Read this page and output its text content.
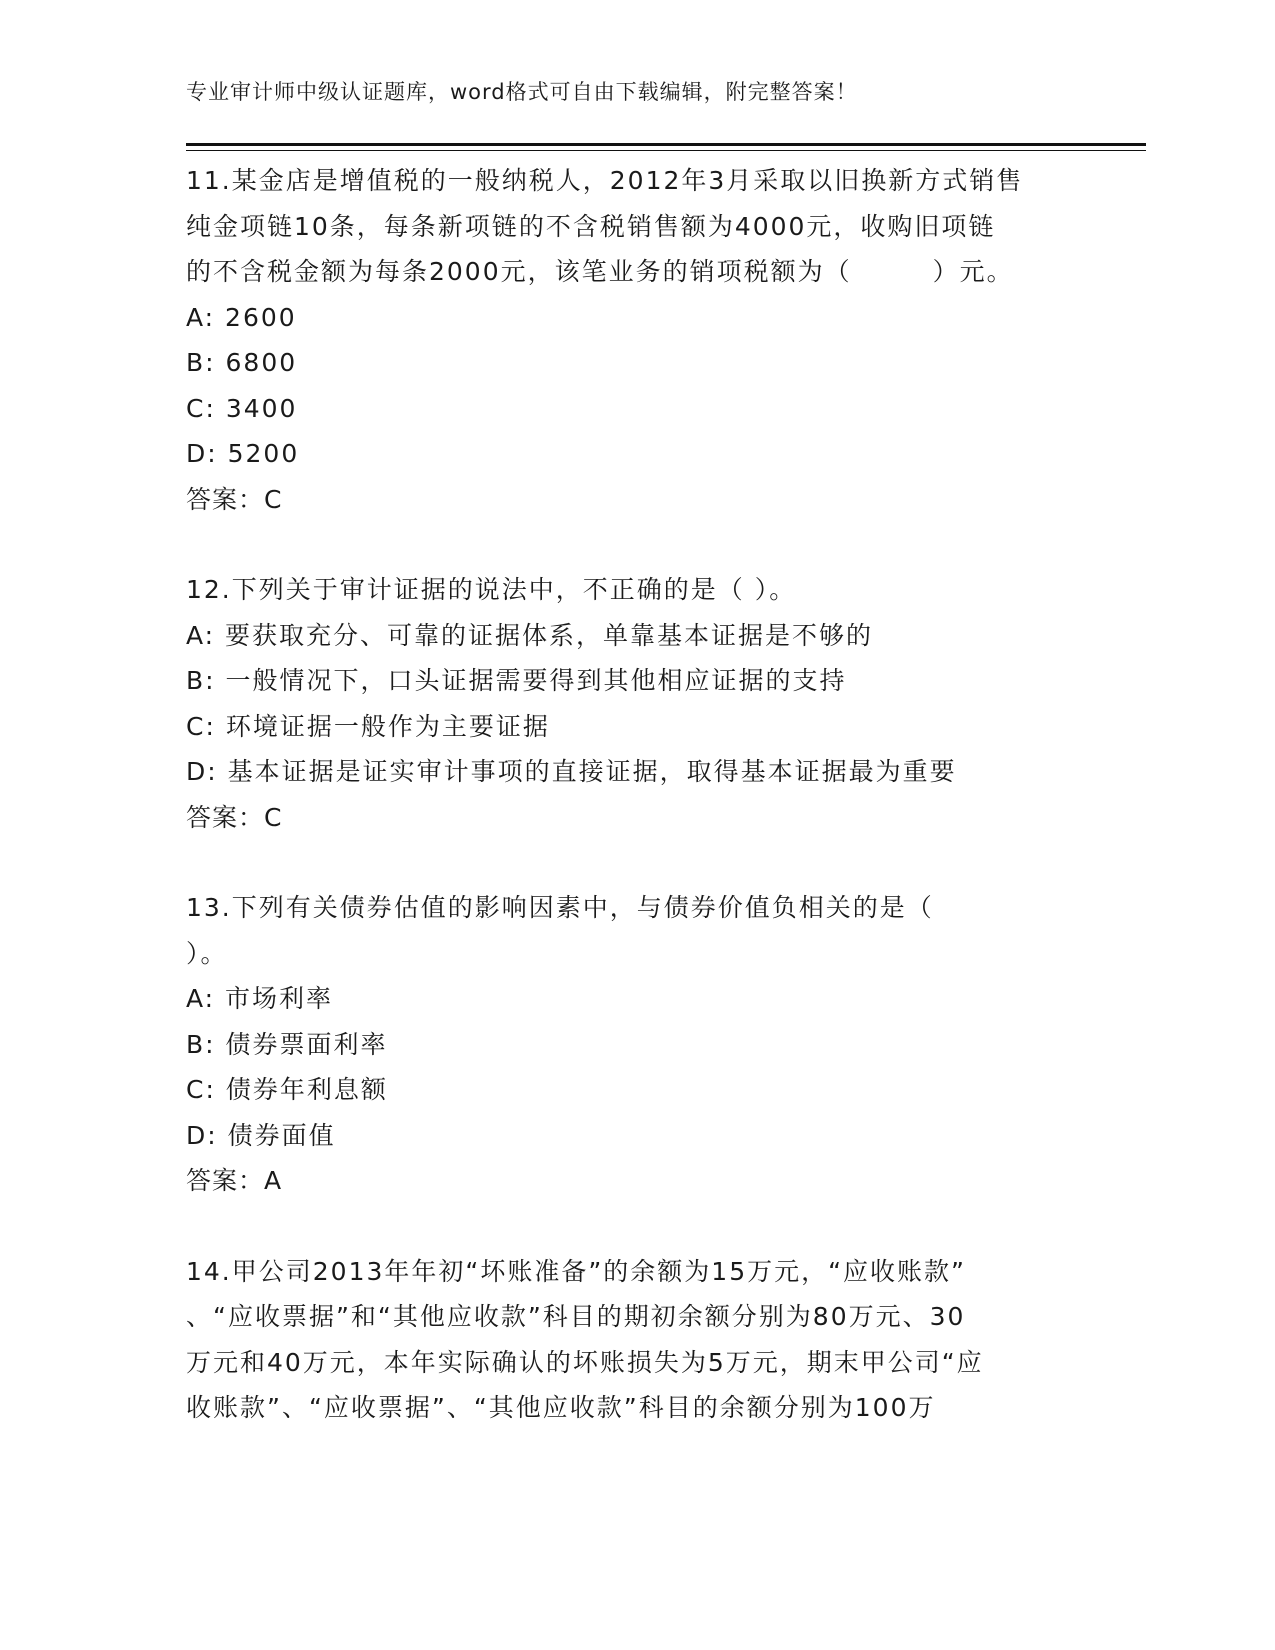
专业审计师中级认证题库，word格式可自由下载编辑，附完整答案！
11.某金店是增值税的一般纳税人，2012年3月采取以旧换新方式销售
纯金项链10条，每条新项链的不含税销售额为4000元，收购旧项链
的不含税金额为每条2000元，该笔业务的销项税额为（　　　）元。
A: 2600
B: 6800
C: 3400
D: 5200
答案：C
12.下列关于审计证据的说法中，不正确的是（ ）。
A: 要获取充分、可靠的证据体系，单靠基本证据是不够的
B: 一般情况下，口头证据需要得到其他相应证据的支持
C: 环境证据一般作为主要证据
D: 基本证据是证实审计事项的直接证据，取得基本证据最为重要
答案：C
13.下列有关债券估值的影响因素中，与债券价值负相关的是（
）。
A: 市场利率
B: 债券票面利率
C: 债券年利息额
D: 债券面值
答案：A
14.甲公司2013年年初“坏账准备”的余额为15万元，“应收账款”
、“应收票据”和“其他应收款”科目的期初余额分别为80万元、30
万元和40万元，本年实际确认的坏账损失为5万元，期末甲公司“应
收账款”、“应收票据”、“其他应收款”科目的余额分别为100万
